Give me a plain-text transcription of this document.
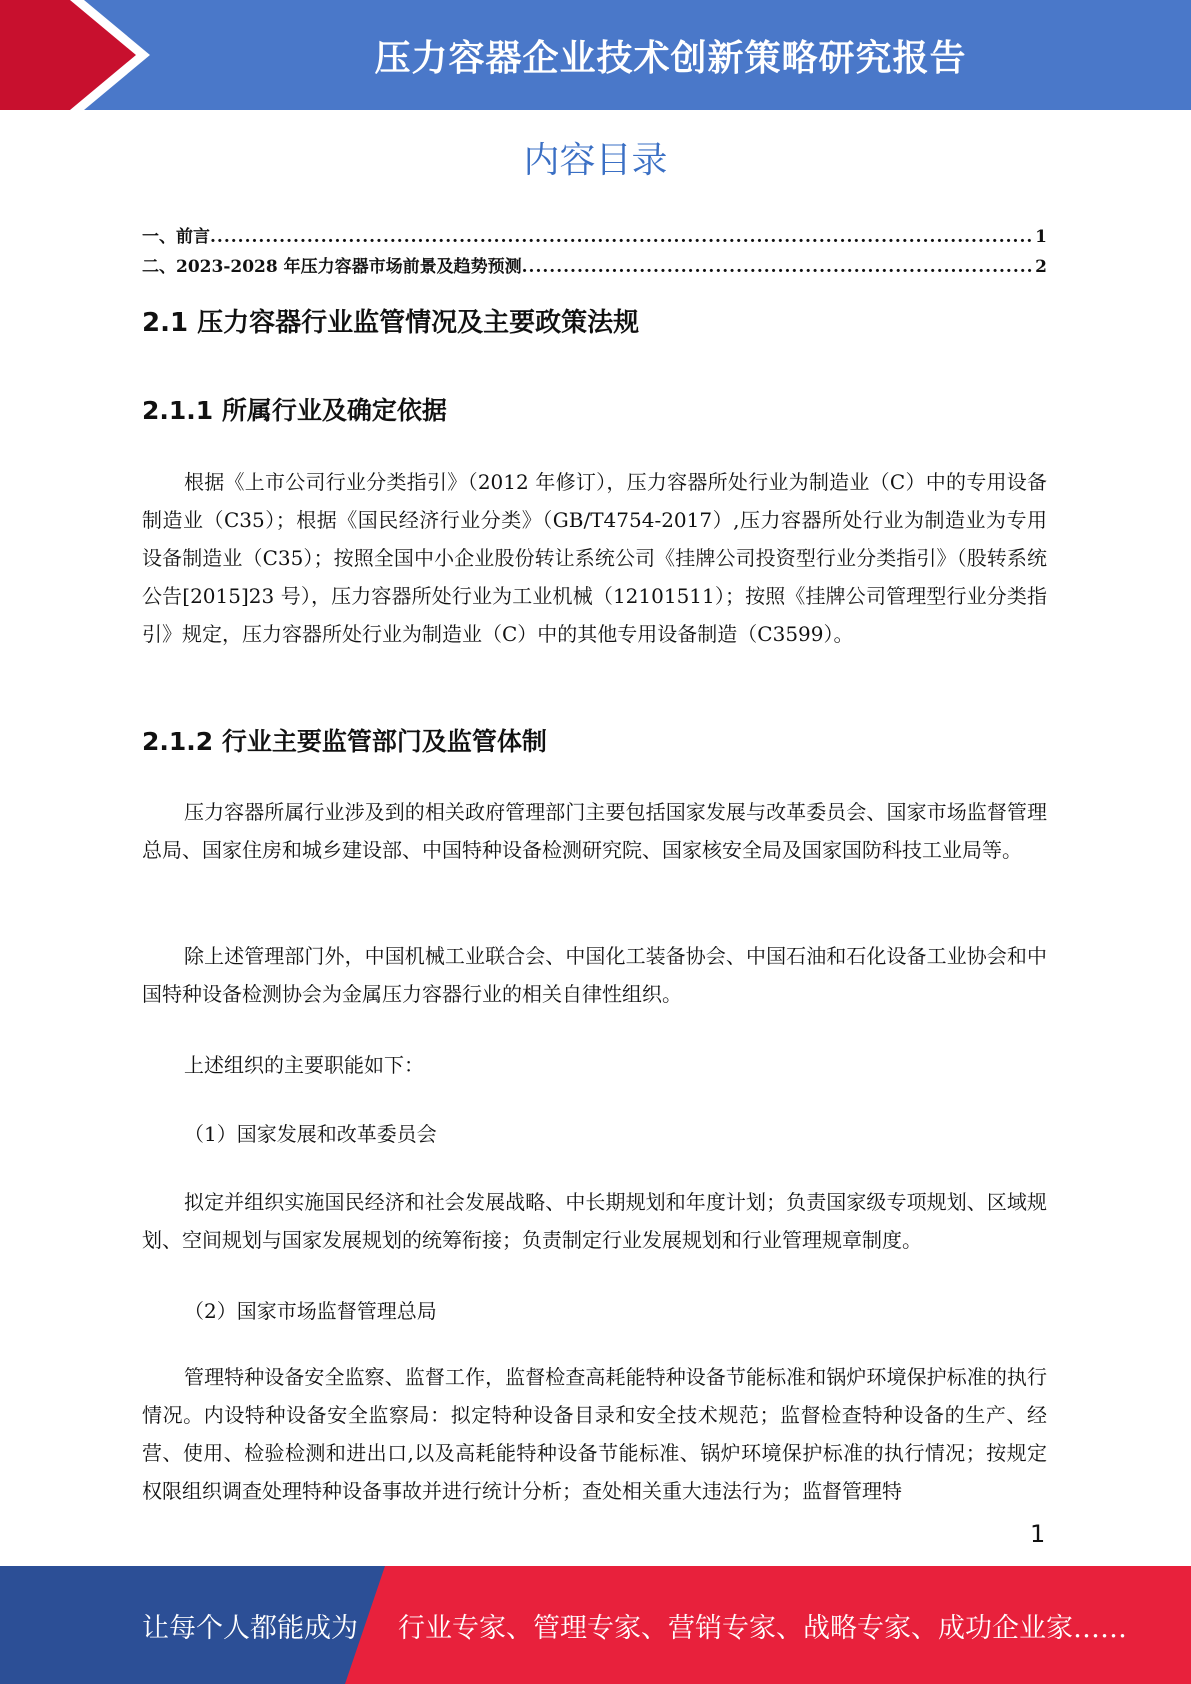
压力容器企业技术创新策略研究报告
内容目录
一、前言 .....	1
二、2023-2028 年压力容器市场前景及趋势预测 .....	2
2.1 压力容器行业监管情况及主要政策法规
2.1.1 所属行业及确定依据

根据《上市公司行业分类指引》（2012 年修订），压力容器所处行业为制造业（C）中的专用设备制造业（C35）；根据《国民经济行业分类》（GB/T4754-2017）,压力容器所处行业为制造业为专用设备制造业（C35）；按照全国中小企业股份转让系统公司《挂牌公司投资型行业分类指引》（股转系统公告[2015]23 号），压力容器所处行业为工业机械（12101511）；按照《挂牌公司管理型行业分类指引》规定，压力容器所处行业为制造业（C）中的其他专用设备制造（C3599）。

2.1.2 行业主要监管部门及监管体制

压力容器所属行业涉及到的相关政府管理部门主要包括国家发展与改革委员会、国家市场监督管理总局、国家住房和城乡建设部、中国特种设备检测研究院、国家核安全局及国家国防科技工业局等。

除上述管理部门外，中国机械工业联合会、中国化工装备协会、中国石油和石化设备工业协会和中国特种设备检测协会为金属压力容器行业的相关自律性组织。

上述组织的主要职能如下：

（1）国家发展和改革委员会

拟定并组织实施国民经济和社会发展战略、中长期规划和年度计划；负责国家级专项规划、区域规划、空间规划与国家发展规划的统筹衔接；负责制定行业发展规划和行业管理规章制度。

（2）国家市场监督管理总局

管理特种设备安全监察、监督工作，监督检查高耗能特种设备节能标准和锅炉环境保护标准的执行情况。内设特种设备安全监察局：拟定特种设备目录和安全技术规范；监督检查特种设备的生产、经营、使用、检验检测和进出口,以及高耗能特种设备节能标准、锅炉环境保护标准的执行情况；按规定权限组织调查处理特种设备事故并进行统计分析；查处相关重大违法行为；监督管理特

1
让每个人都能成为 行业专家、管理专家、营销专家、战略专家、成功企业家……
